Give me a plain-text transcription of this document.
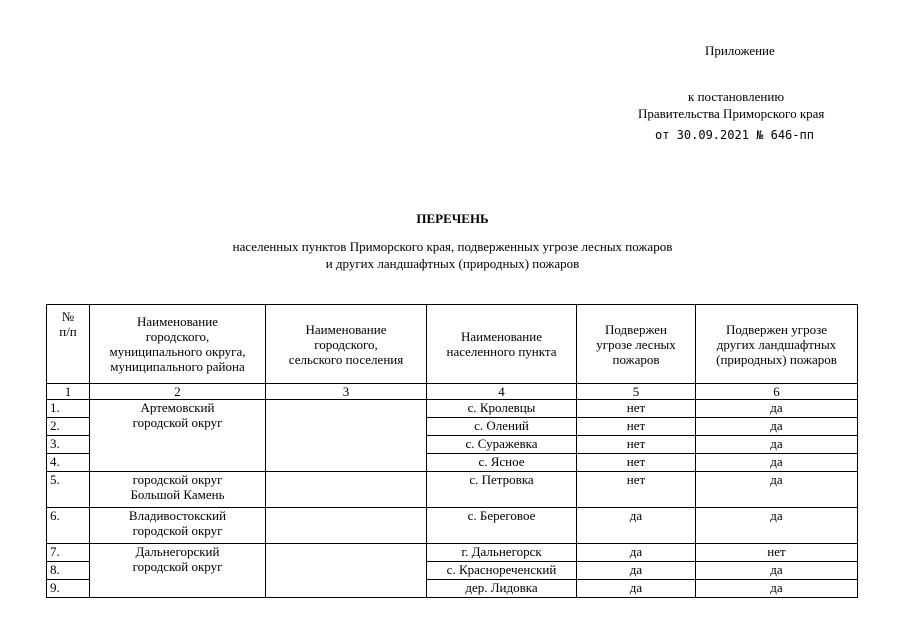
Приложение
к постановлению
Правительства Приморского края
от 30.09.2021 № 646-пп
ПЕРЕЧЕНЬ
населенных пунктов Приморского края, подверженных угрозе лесных пожаров
и других ландшафтных (природных) пожаров
№
п/п	Наименование
городского,
муниципального округа,
муниципального района	Наименование
городского,
сельского поселения	Наименование
населенного пункта	Подвержен
угрозе лесных
пожаров	Подвержен угрозе
других ландшафтных
(природных) пожаров
1	2	3	4	5	6
1.	Артемовский
городской округ		с. Кролевцы	нет	да
2.			с. Олений	нет	да
3.			с. Суражевка	нет	да
4.			с. Ясное	нет	да
5.	городской округ
Большой Камень		с. Петровка	нет	да
6.	Владивостокский
городской округ		с. Береговое	да	да
7.	Дальнегорский
городской округ		г. Дальнегорск	да	нет
8.			с. Краснореченский	да	да
9.			дер. Лидовка	да	да
